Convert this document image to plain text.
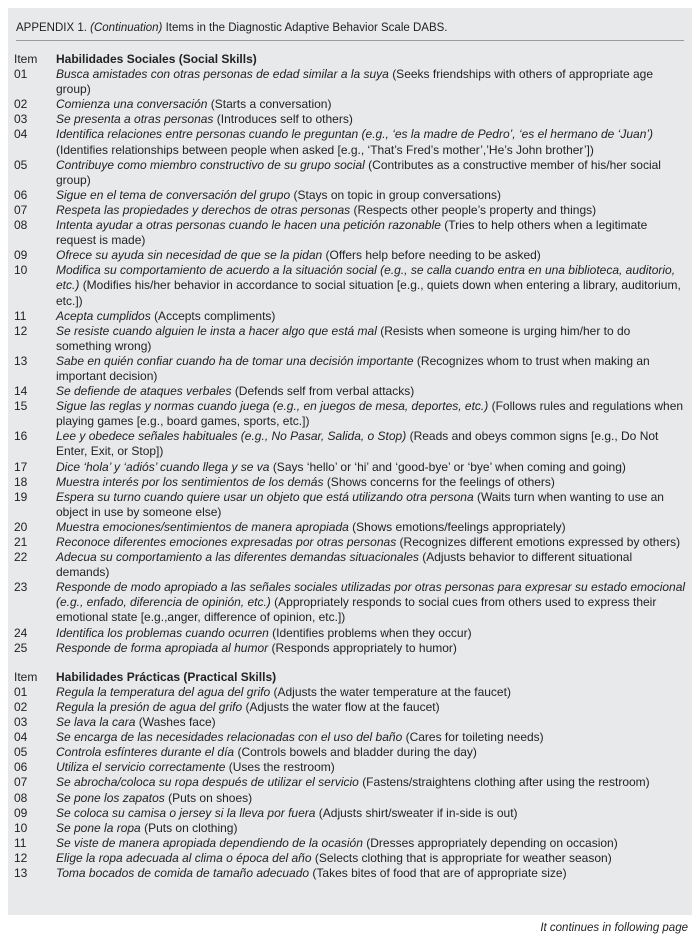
APPENDIX 1. (Continuation) Items in the Diagnostic Adaptive Behavior Scale DABS.
Item	Habilidades Sociales (Social Skills)
01	Busca amistades con otras personas de edad similar a la suya (Seeks friendships with others of appropriate age group)
02	Comienza una conversación (Starts a conversation)
03	Se presenta a otras personas (Introduces self to others)
04	Identifica relaciones entre personas cuando le preguntan (e.g., ‘es la madre de Pedro’, ‘es el hermano de ‘Juan’) (Identifies relationships between people when asked [e.g., ‘That’s Fred’s mother’,’He’s John brother’])
05	Contribuye como miembro constructivo de su grupo social (Contributes as a constructive member of his/her social group)
06	Sigue en el tema de conversación del grupo (Stays on topic in group conversations)
07	Respeta las propiedades y derechos de otras personas (Respects other people’s property and things)
08	Intenta ayudar a otras personas cuando le hacen una petición razonable (Tries to help others when a legitimate request is made)
09	Ofrece su ayuda sin necesidad de que se la pidan (Offers help before needing to be asked)
10	Modifica su comportamiento de acuerdo a la situación social (e.g., se calla cuando entra en una biblioteca, auditorio, etc.) (Modifies his/her behavior in accordance to social situation [e.g., quiets down when entering a library, auditorium, etc.])
11	Acepta cumplidos (Accepts compliments)
12	Se resiste cuando alguien le insta a hacer algo que está mal (Resists when someone is urging him/her to do something wrong)
13	Sabe en quién confiar cuando ha de tomar una decisión importante (Recognizes whom to trust when making an important decision)
14	Se defiende de ataques verbales (Defends self from verbal attacks)
15	Sigue las reglas y normas cuando juega (e.g., en juegos de mesa, deportes, etc.) (Follows rules and regulations when playing games [e.g., board games, sports, etc.])
16	Lee y obedece señales habituales (e.g., No Pasar, Salida, o Stop) (Reads and obeys common signs [e.g., Do Not Enter, Exit, or Stop])
17	Dice ‘hola’ y ‘adiós’ cuando llega y se va (Says ‘hello’ or ‘hi’ and ‘good-bye’ or ‘bye’ when coming and going)
18	Muestra interés por los sentimientos de los demás (Shows concerns for the feelings of others)
19	Espera su turno cuando quiere usar un objeto que está utilizando otra persona (Waits turn when wanting to use an object in use by someone else)
20	Muestra emociones/sentimientos de manera apropiada (Shows emotions/feelings appropriately)
21	Reconoce diferentes emociones expresadas por otras personas (Recognizes different emotions expressed by others)
22	Adecua su comportamiento a las diferentes demandas situacionales (Adjusts behavior to different situational demands)
23	Responde de modo apropiado a las señales sociales utilizadas por otras personas para expresar su estado emocional (e.g., enfado, diferencia de opinión, etc.) (Appropriately responds to social cues from others used to express their emotional state [e.g.,anger, difference of opinion, etc.])
24	Identifica los problemas cuando ocurren (Identifies problems when they occur)
25	Responde de forma apropiada al humor (Responds appropriately to humor)
Item	Habilidades Prácticas (Practical Skills)
01	Regula la temperatura del agua del grifo (Adjusts the water temperature at the faucet)
02	Regula la presión de agua del grifo (Adjusts the water flow at the faucet)
03	Se lava la cara (Washes face)
04	Se encarga de las necesidades relacionadas con el uso del baño (Cares for toileting needs)
05	Controla esfínteres durante el día (Controls bowels and bladder during the day)
06	Utiliza el servicio correctamente (Uses the restroom)
07	Se abrocha/coloca su ropa después de utilizar el servicio (Fastens/straightens clothing after using the restroom)
08	Se pone los zapatos (Puts on shoes)
09	Se coloca su camisa o jersey si la lleva por fuera (Adjusts shirt/sweater if in-side is out)
10	Se pone la ropa (Puts on clothing)
11	Se viste de manera apropiada dependiendo de la ocasión (Dresses appropriately depending on occasion)
12	Elige la ropa adecuada al clima o época del año (Selects clothing that is appropriate for weather season)
13	Toma bocados de comida de tamaño adecuado (Takes bites of food that are of appropriate size)
It continues in following page
